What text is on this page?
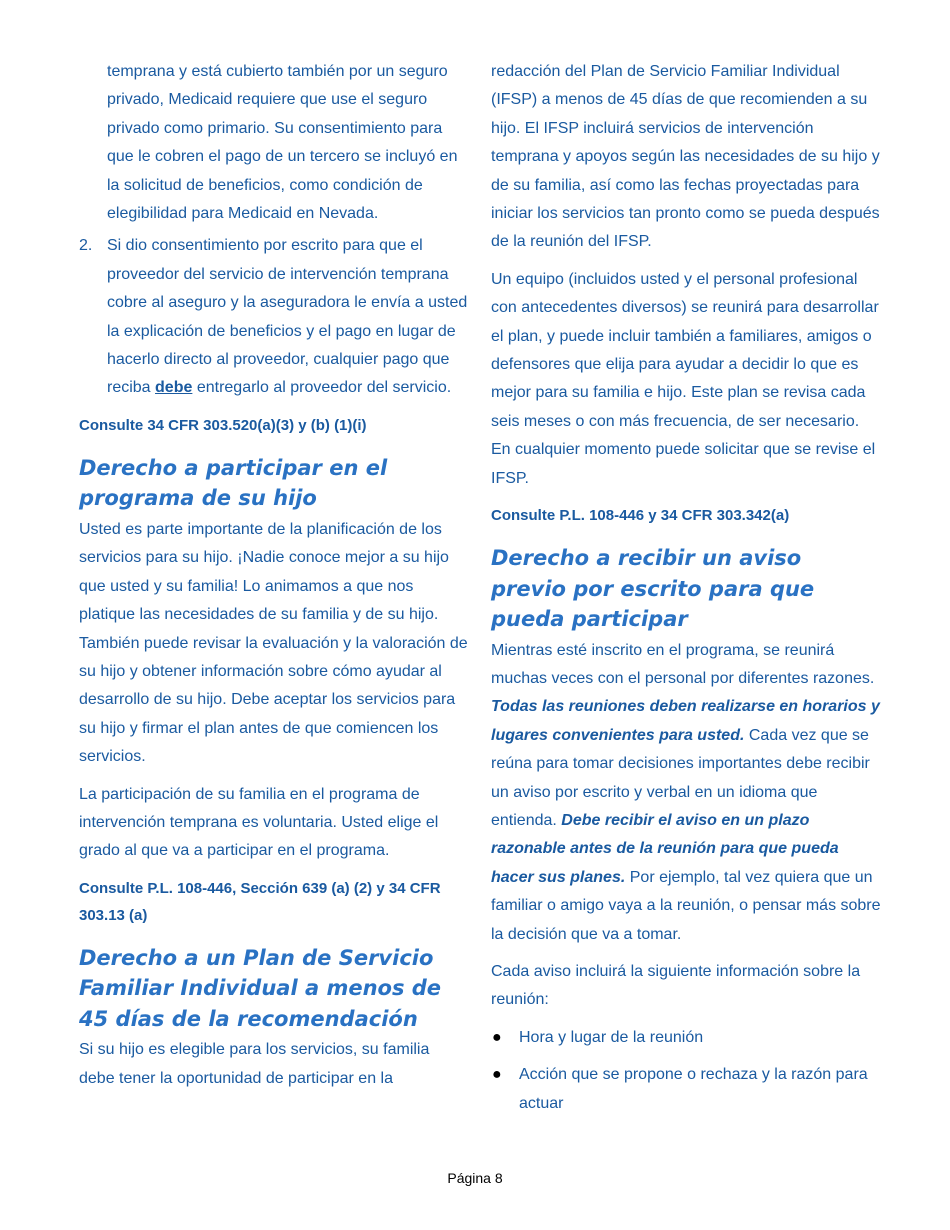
temprana y está cubierto también por un seguro privado, Medicaid requiere que use el seguro privado como primario. Su consentimiento para que le cobren el pago de un tercero se incluyó en la solicitud de beneficios, como condición de elegibilidad para Medicaid en Nevada.

2. Si dio consentimiento por escrito para que el proveedor del servicio de intervención temprana cobre al aseguro y la aseguradora le envía a usted la explicación de beneficios y el pago en lugar de hacerlo directo al proveedor, cualquier pago que reciba debe entregarlo al proveedor del servicio.

Consulte 34 CFR 303.520(a)(3) y (b) (1)(i)

Derecho a participar en el programa de su hijo

Usted es parte importante de la planificación de los servicios para su hijo. ¡Nadie conoce mejor a su hijo que usted y su familia! Lo animamos a que nos platique las necesidades de su familia y de su hijo. También puede revisar la evaluación y la valoración de su hijo y obtener información sobre cómo ayudar al desarrollo de su hijo. Debe aceptar los servicios para su hijo y firmar el plan antes de que comiencen los servicios.

La participación de su familia en el programa de intervención temprana es voluntaria. Usted elige el grado al que va a participar en el programa.

Consulte P.L. 108-446, Sección 639 (a) (2) y 34 CFR 303.13 (a)

Derecho a un Plan de Servicio Familiar Individual a menos de 45 días de la recomendación

Si su hijo es elegible para los servicios, su familia debe tener la oportunidad de participar en la

redacción del Plan de Servicio Familiar Individual (IFSP) a menos de 45 días de que recomienden a su hijo. El IFSP incluirá servicios de intervención temprana y apoyos según las necesidades de su hijo y de su familia, así como las fechas proyectadas para iniciar los servicios tan pronto como se pueda después de la reunión del IFSP.

Un equipo (incluidos usted y el personal profesional con antecedentes diversos) se reunirá para desarrollar el plan, y puede incluir también a familiares, amigos o defensores que elija para ayudar a decidir lo que es mejor para su familia e hijo. Este plan se revisa cada seis meses o con más frecuencia, de ser necesario. En cualquier momento puede solicitar que se revise el IFSP.

Consulte P.L. 108-446 y 34 CFR 303.342(a)

Derecho a recibir un aviso previo por escrito para que pueda participar

Mientras esté inscrito en el programa, se reunirá muchas veces con el personal por diferentes razones. Todas las reuniones deben realizarse en horarios y lugares convenientes para usted. Cada vez que se reúna para tomar decisiones importantes debe recibir un aviso por escrito y verbal en un idioma que entienda. Debe recibir el aviso en un plazo razonable antes de la reunión para que pueda hacer sus planes. Por ejemplo, tal vez quiera que un familiar o amigo vaya a la reunión, o pensar más sobre la decisión que va a tomar.

Cada aviso incluirá la siguiente información sobre la reunión:

● Hora y lugar de la reunión
● Acción que se propone o rechaza y la razón para actuar
Página 8
